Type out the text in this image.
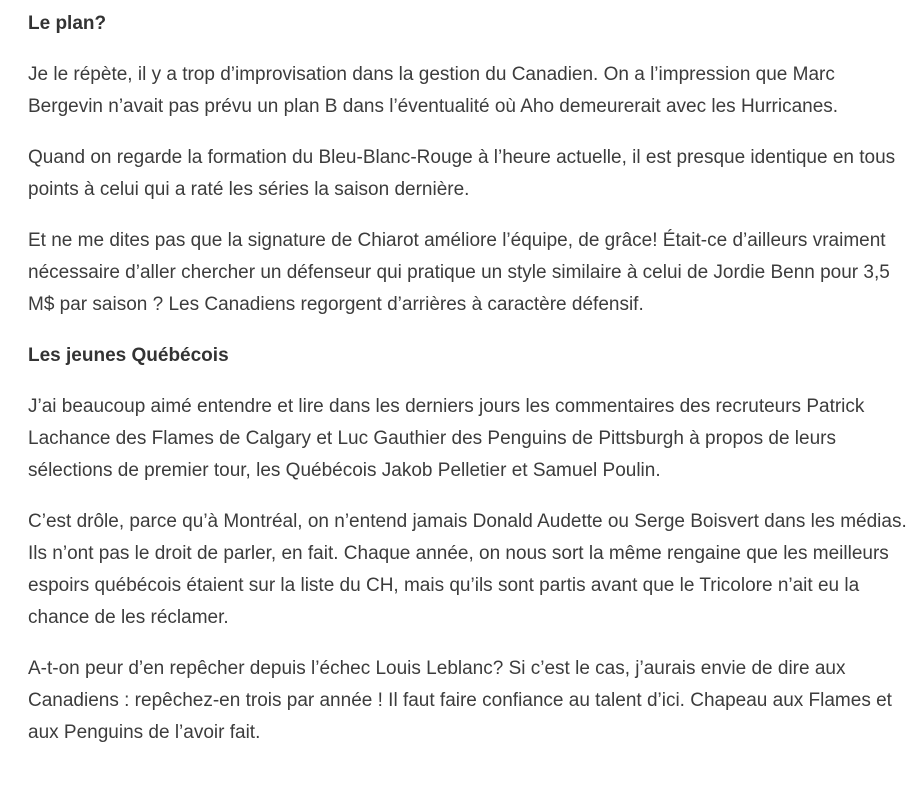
Le plan?
Je le répète, il y a trop d’improvisation dans la gestion du Canadien. On a l’impression que Marc Bergevin n’avait pas prévu un plan B dans l’éventualité où Aho demeurerait avec les Hurricanes.
Quand on regarde la formation du Bleu-Blanc-Rouge à l’heure actuelle, il est presque identique en tous points à celui qui a raté les séries la saison dernière.
Et ne me dites pas que la signature de Chiarot améliore l’équipe, de grâce! Était-ce d’ailleurs vraiment nécessaire d’aller chercher un défenseur qui pratique un style similaire à celui de Jordie Benn pour 3,5 M$ par saison ? Les Canadiens regorgent d’arrières à caractère défensif.
Les jeunes Québécois
J’ai beaucoup aimé entendre et lire dans les derniers jours les commentaires des recruteurs Patrick Lachance des Flames de Calgary et Luc Gauthier des Penguins de Pittsburgh à propos de leurs sélections de premier tour, les Québécois Jakob Pelletier et Samuel Poulin.
C’est drôle, parce qu’à Montréal, on n’entend jamais Donald Audette ou Serge Boisvert dans les médias. Ils n’ont pas le droit de parler, en fait. Chaque année, on nous sort la même rengaine que les meilleurs espoirs québécois étaient sur la liste du CH, mais qu’ils sont partis avant que le Tricolore n’ait eu la chance de les réclamer.
A-t-on peur d’en repêcher depuis l’échec Louis Leblanc? Si c’est le cas, j’aurais envie de dire aux Canadiens : repêchez-en trois par année ! Il faut faire confiance au talent d’ici. Chapeau aux Flames et aux Penguins de l’avoir fait.
